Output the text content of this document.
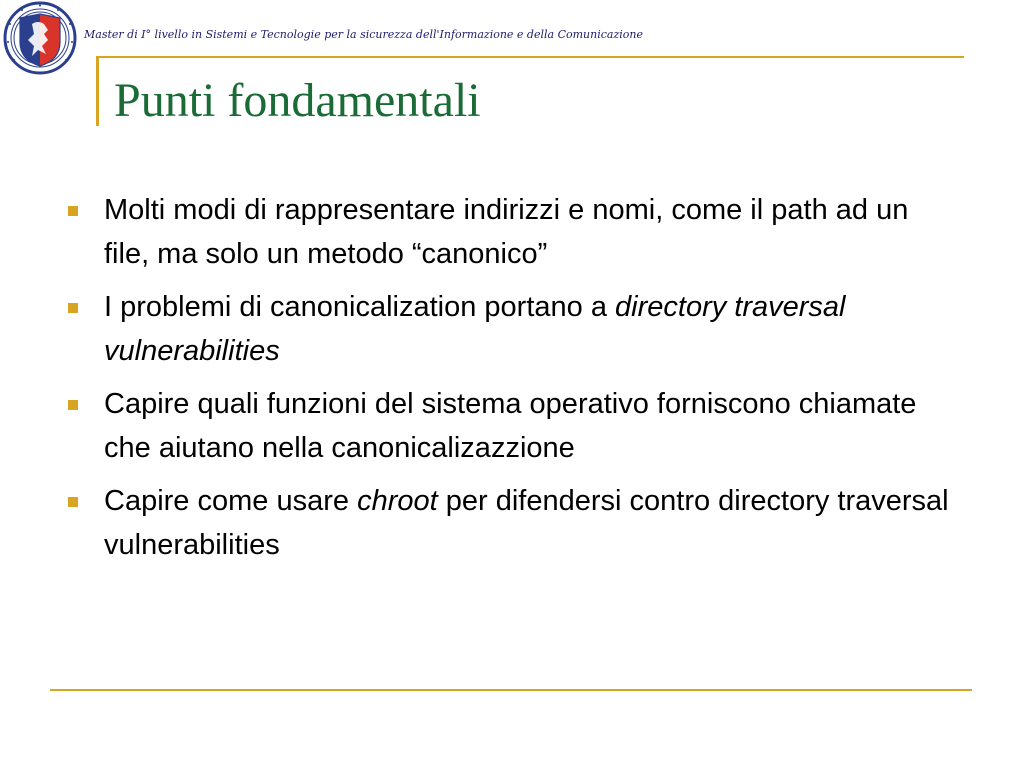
Master di I° livello in Sistemi e Tecnologie per la sicurezza dell'Informazione e della Comunicazione
Punti fondamentali
Molti modi di rappresentare indirizzi e nomi, come il path ad un file, ma solo un metodo “canonico”
I problemi di canonicalization portano a directory traversal vulnerabilities
Capire quali funzioni del sistema operativo forniscono chiamate che aiutano nella canonicalizazzione
Capire come usare chroot per difendersi contro directory traversal vulnerabilities
